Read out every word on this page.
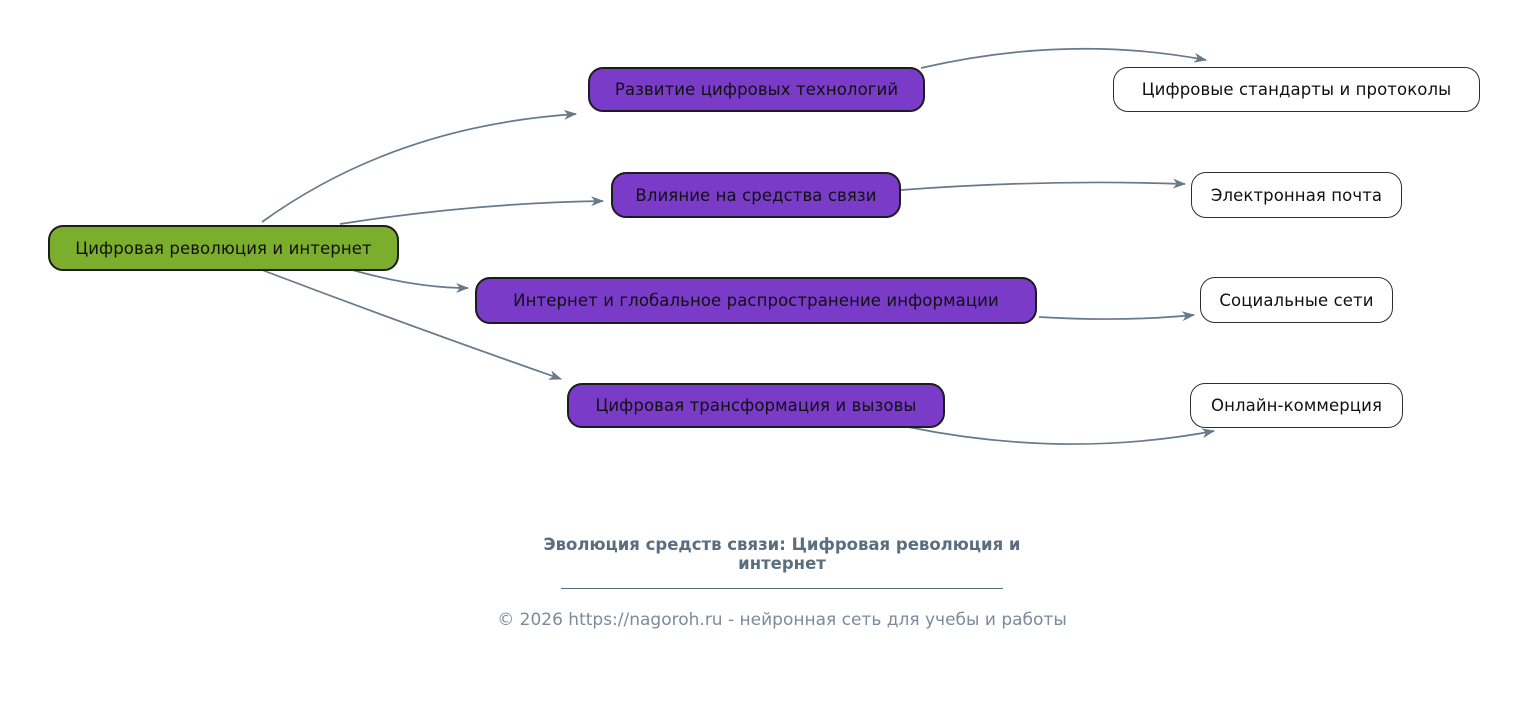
Цифровая революция и интернет
Развитие цифровых технологий
Влияние на средства связи
Интернет и глобальное распространение информации
Цифровая трансформация и вызовы
Цифровые стандарты и протоколы
Электронная почта
Социальные сети
Онлайн-коммерция
Эволюция средств связи: Цифровая революция и интернет
© 2026 https://nagoroh.ru - нейронная сеть для учебы и работы
